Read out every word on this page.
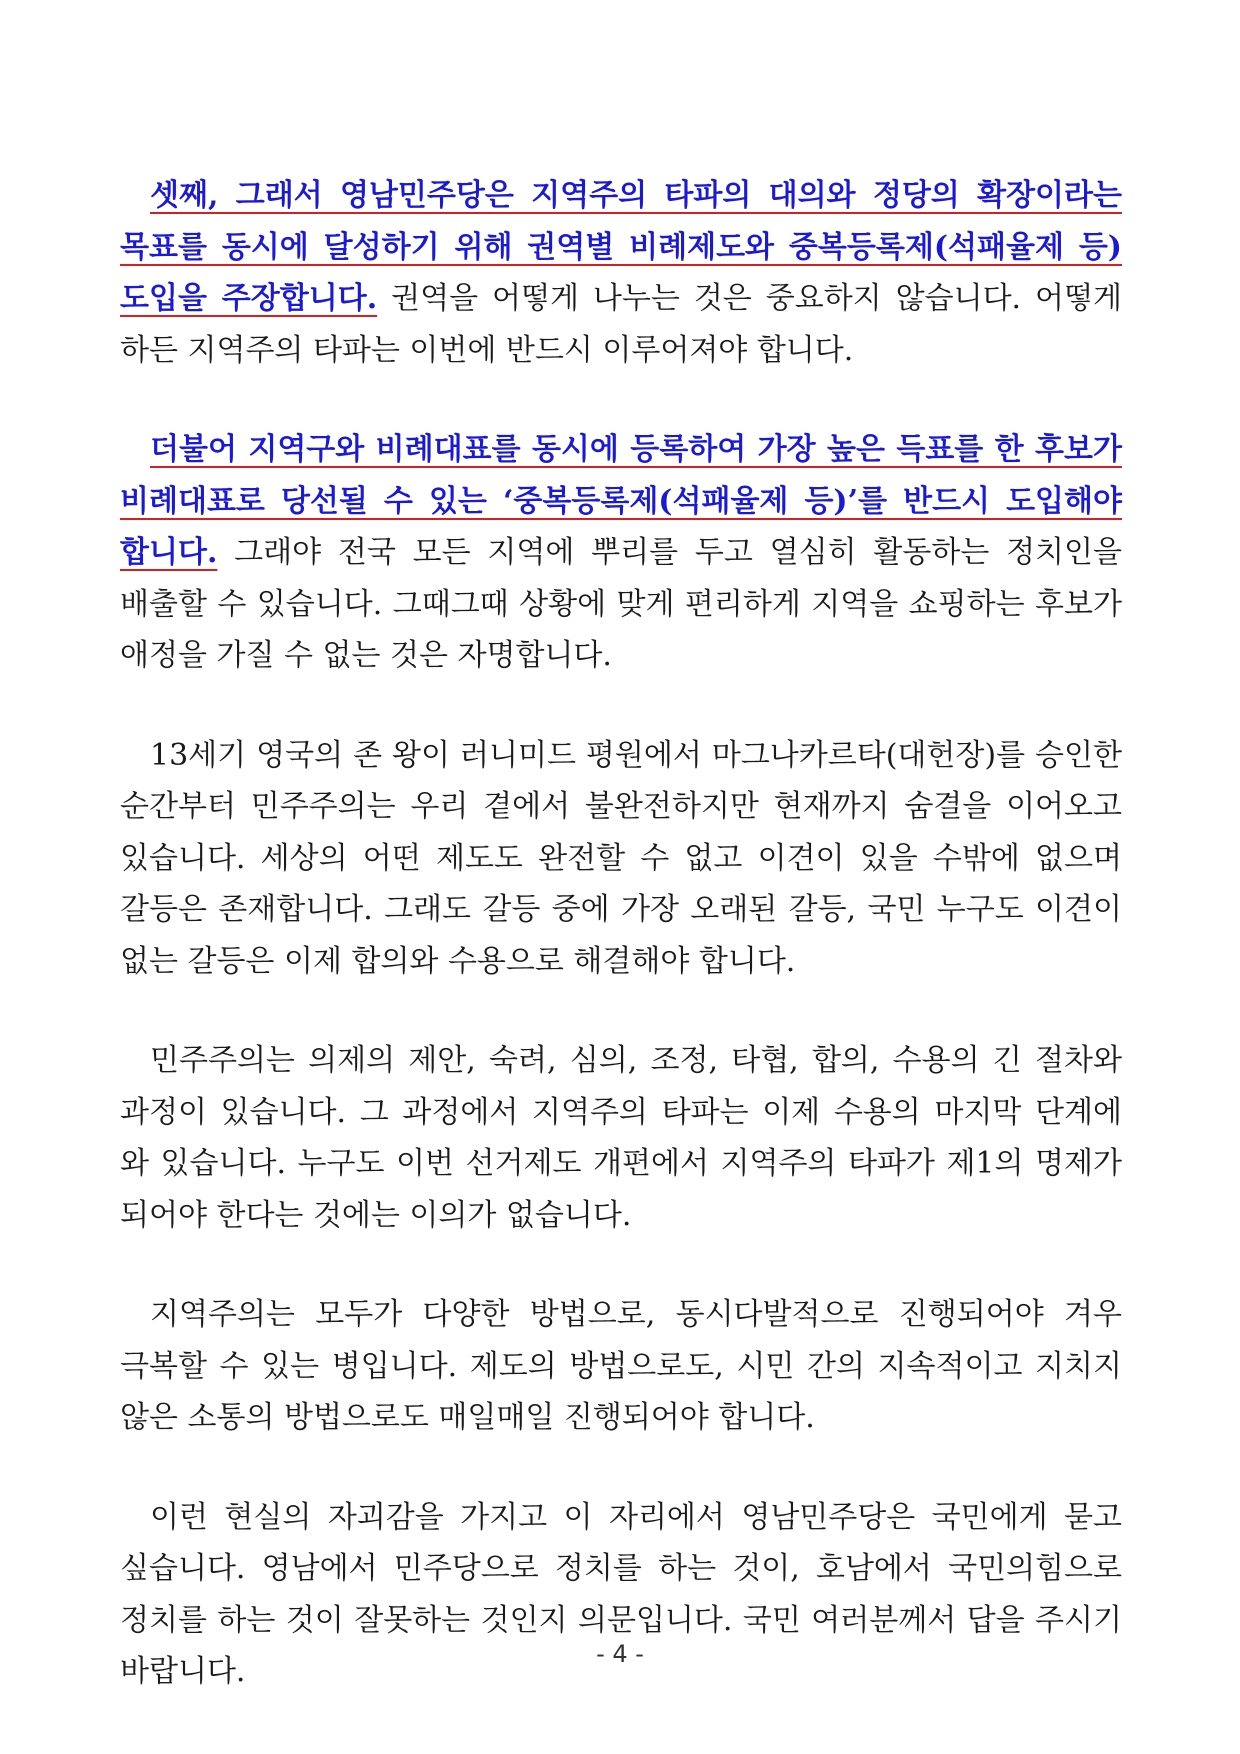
셋째, 그래서 영남민주당은 지역주의 타파의 대의와 정당의 확장이라는 목표를 동시에 달성하기 위해 권역별 비례제도와 중복등록제(석패율제 등) 도입을 주장합니다. 권역을 어떻게 나누는 것은 중요하지 않습니다. 어떻게 하든 지역주의 타파는 이번에 반드시 이루어져야 합니다.

더불어 지역구와 비례대표를 동시에 등록하여 가장 높은 득표를 한 후보가 비례대표로 당선될 수 있는 ‘중복등록제(석패율제 등)’를 반드시 도입해야 합니다. 그래야 전국 모든 지역에 뿌리를 두고 열심히 활동하는 정치인을 배출할 수 있습니다. 그때그때 상황에 맞게 편리하게 지역을 쇼핑하는 후보가 애정을 가질 수 없는 것은 자명합니다.

13세기 영국의 존 왕이 러니미드 평원에서 마그나카르타(대헌장)를 승인한 순간부터 민주주의는 우리 곁에서 불완전하지만 현재까지 숨결을 이어오고 있습니다. 세상의 어떤 제도도 완전할 수 없고 이견이 있을 수밖에 없으며 갈등은 존재합니다. 그래도 갈등 중에 가장 오래된 갈등, 국민 누구도 이견이 없는 갈등은 이제 합의와 수용으로 해결해야 합니다.

민주주의는 의제의 제안, 숙려, 심의, 조정, 타협, 합의, 수용의 긴 절차와 과정이 있습니다. 그 과정에서 지역주의 타파는 이제 수용의 마지막 단계에 와 있습니다. 누구도 이번 선거제도 개편에서 지역주의 타파가 제1의 명제가 되어야 한다는 것에는 이의가 없습니다.

지역주의는 모두가 다양한 방법으로, 동시다발적으로 진행되어야 겨우 극복할 수 있는 병입니다. 제도의 방법으로도, 시민 간의 지속적이고 지치지 않은 소통의 방법으로도 매일매일 진행되어야 합니다.

이런 현실의 자괴감을 가지고 이 자리에서 영남민주당은 국민에게 묻고 싶습니다. 영남에서 민주당으로 정치를 하는 것이, 호남에서 국민의힘으로 정치를 하는 것이 잘못하는 것인지 의문입니다. 국민 여러분께서 답을 주시기 바랍니다.	- 4 -
